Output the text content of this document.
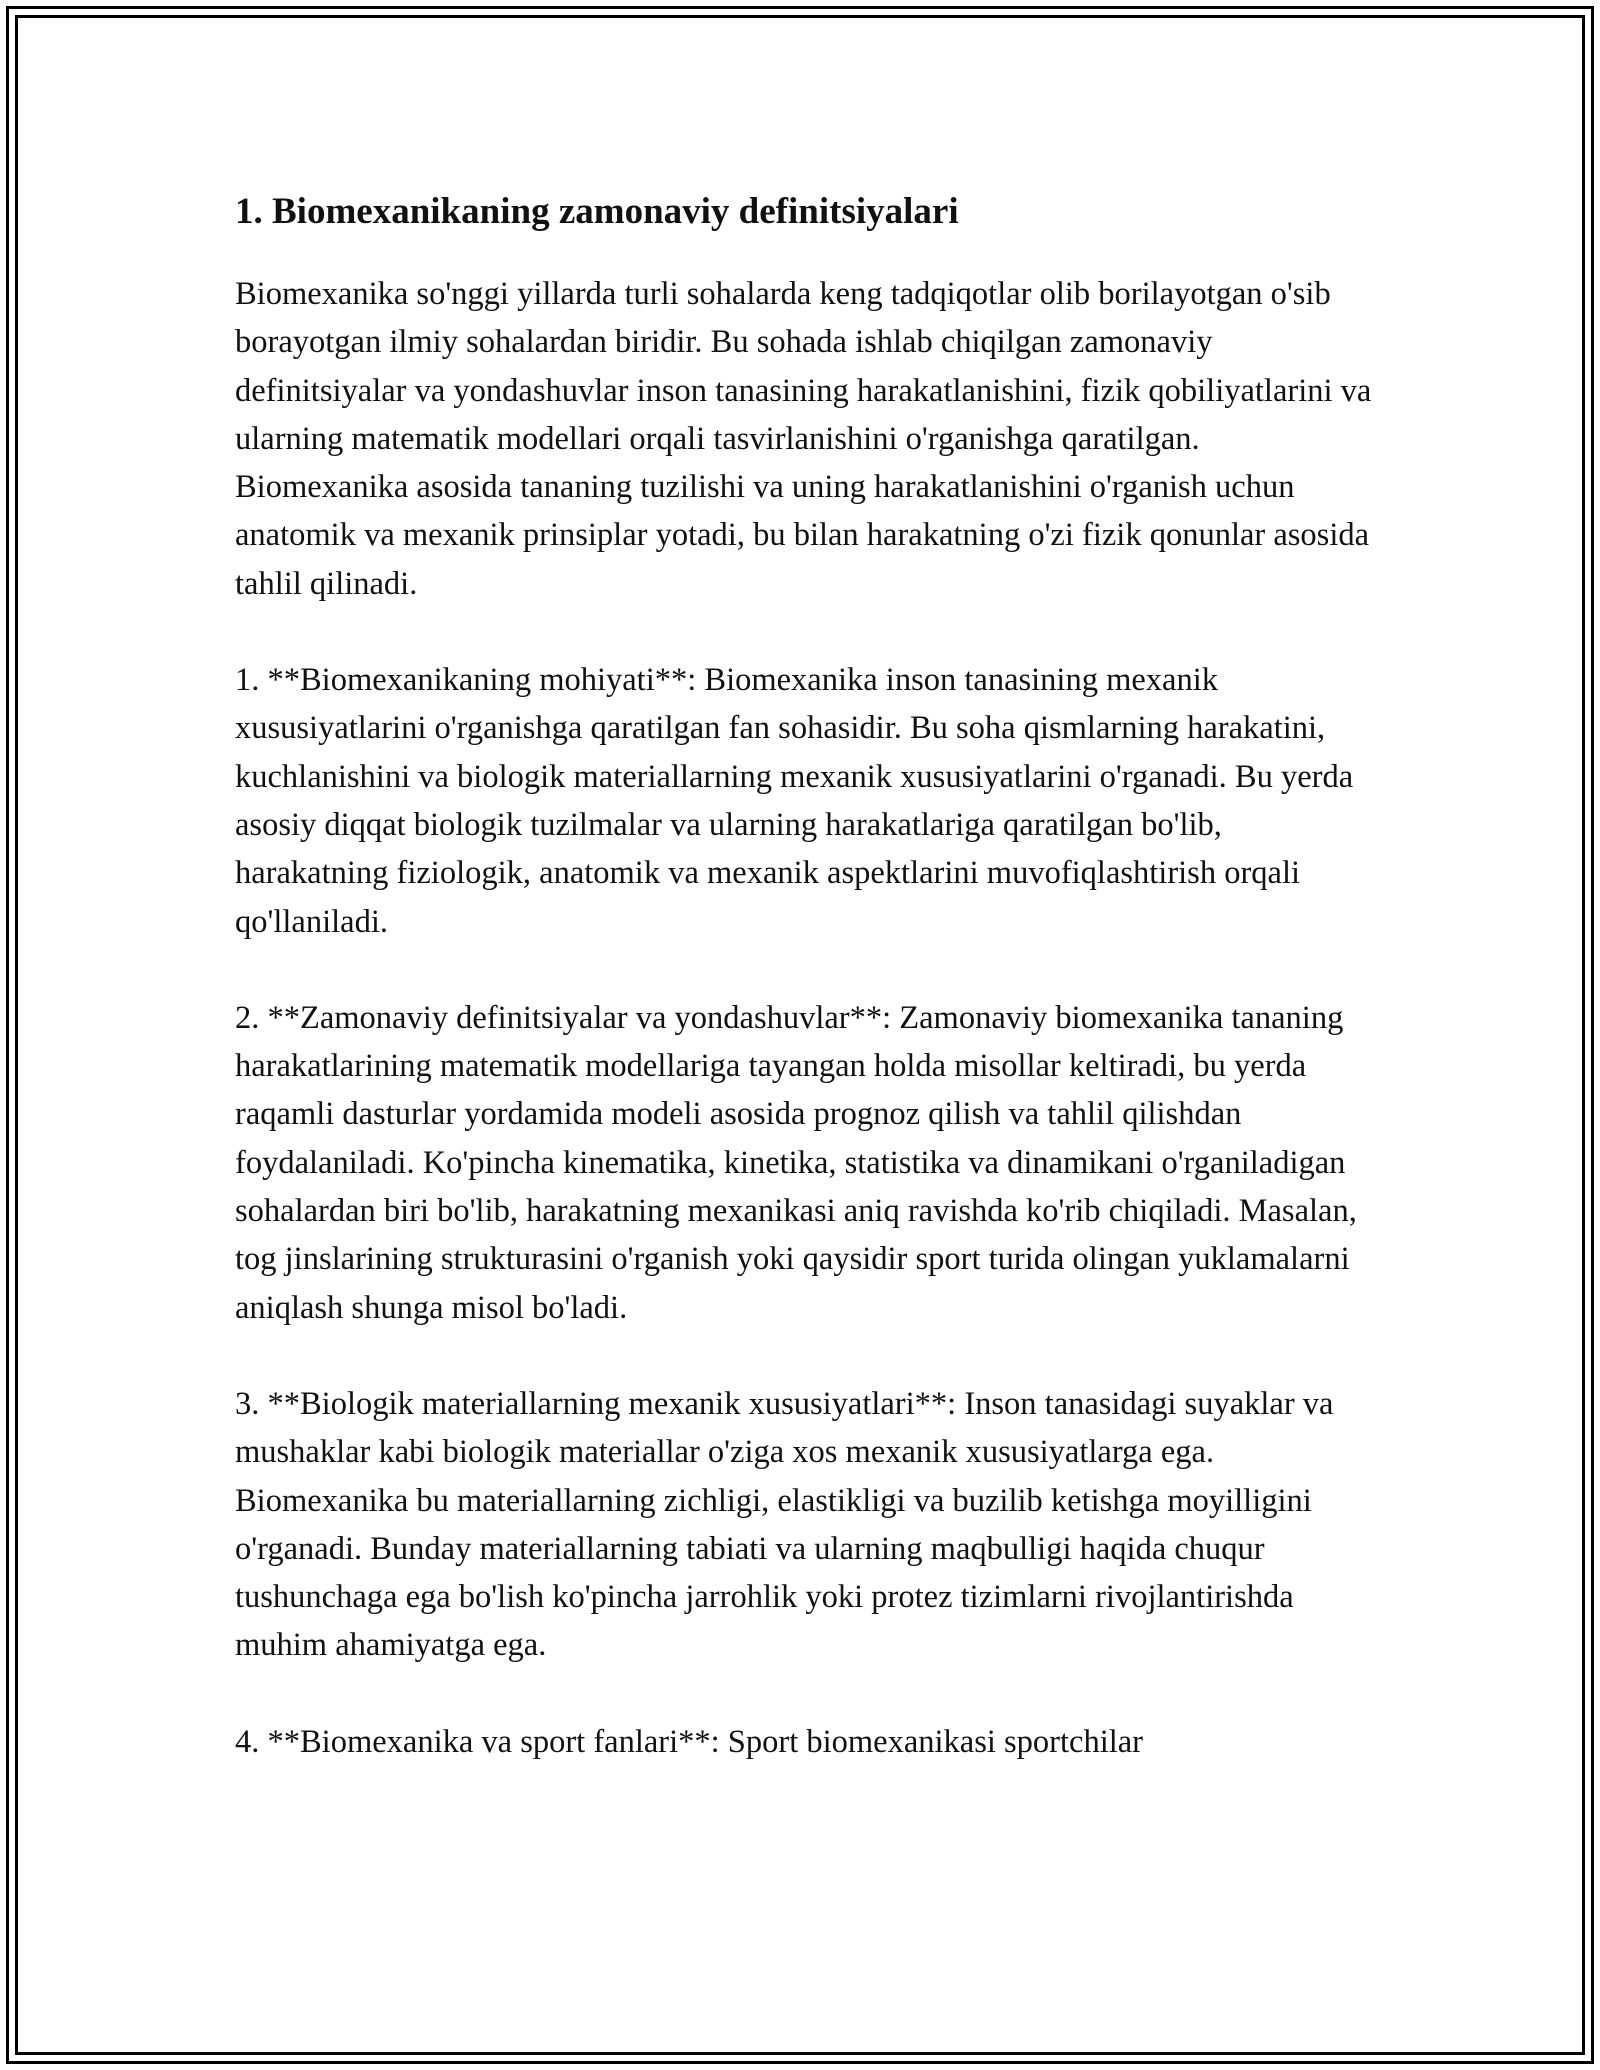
1. Biomexanikaning zamonaviy definitsiyalari

Biomexanika so'nggi yillarda turli sohalarda keng tadqiqotlar olib borilayotgan o'sib borayotgan ilmiy sohalardan biridir. Bu sohada ishlab chiqilgan zamonaviy definitsiyalar va yondashuvlar inson tanasining harakatlanishini, fizik qobiliyatlarini va ularning matematik modellari orqali tasvirlanishini o'rganishga qaratilgan. Biomexanika asosida tananing tuzilishi va uning harakatlanishini o'rganish uchun anatomik va mexanik prinsiplar yotadi, bu bilan harakatning o'zi fizik qonunlar asosida tahlil qilinadi.

1. **Biomexanikaning mohiyati**: Biomexanika inson tanasining mexanik xususiyatlarini o'rganishga qaratilgan fan sohasidir. Bu soha qismlarning harakatini, kuchlanishini va biologik materiallarning mexanik xususiyatlarini o'rganadi. Bu yerda asosiy diqqat biologik tuzilmalar va ularning harakatlariga qaratilgan bo'lib, harakatning fiziologik, anatomik va mexanik aspektlarini muvofiqlashtirish orqali qo'llaniladi.

2. **Zamonaviy definitsiyalar va yondashuvlar**: Zamonaviy biomexanika tananing harakatlarining matematik modellariga tayangan holda misollar keltiradi, bu yerda raqamli dasturlar yordamida modeli asosida prognoz qilish va tahlil qilishdan foydalaniladi. Ko'pincha kinematika, kinetika, statistika va dinamikani o'rganiladigan sohalardan biri bo'lib, harakatning mexanikasi aniq ravishda ko'rib chiqiladi. Masalan, tog jinslarining strukturasini o'rganish yoki qaysidir sport turida olingan yuklamalarni aniqlash shunga misol bo'ladi.

3. **Biologik materiallarning mexanik xususiyatlari**: Inson tanasidagi suyaklar va mushaklar kabi biologik materiallar o'ziga xos mexanik xususiyatlarga ega. Biomexanika bu materiallarning zichligi, elastikligi va buzilib ketishga moyilligini o'rganadi. Bunday materiallarning tabiati va ularning maqbulligi haqida chuqur tushunchaga ega bo'lish ko'pincha jarrohlik yoki protez tizimlarni rivojlantirishda muhim ahamiyatga ega.

4. **Biomexanika va sport fanlari**: Sport biomexanikasi sportchilar
